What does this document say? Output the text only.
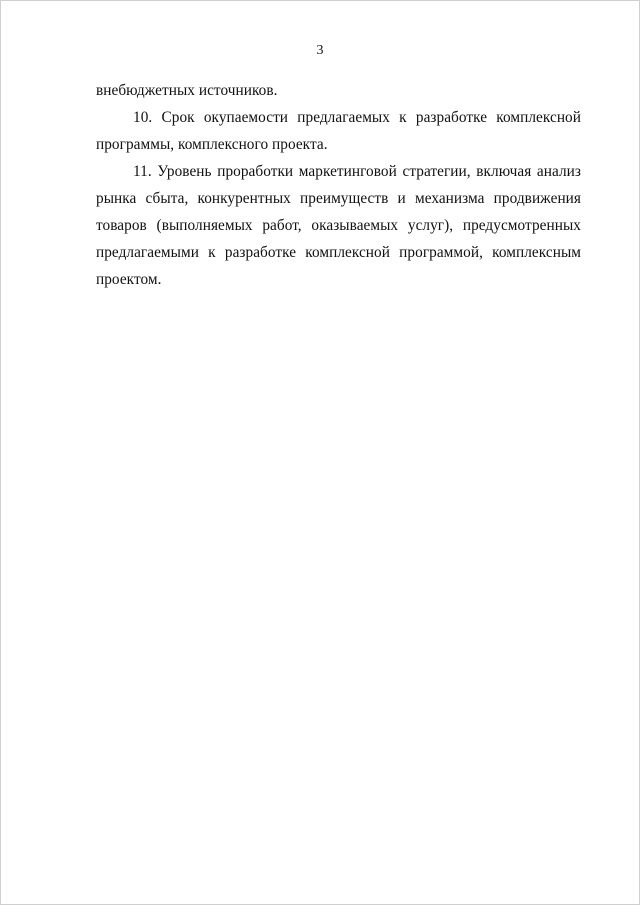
3

внебюджетных источников.

10. Срок окупаемости предлагаемых к разработке комплексной программы, комплексного проекта.

11. Уровень проработки маркетинговой стратегии, включая анализ рынка сбыта, конкурентных преимуществ и механизма продвижения товаров (выполняемых работ, оказываемых услуг), предусмотренных предлагаемыми к разработке комплексной программой, комплексным проектом.
